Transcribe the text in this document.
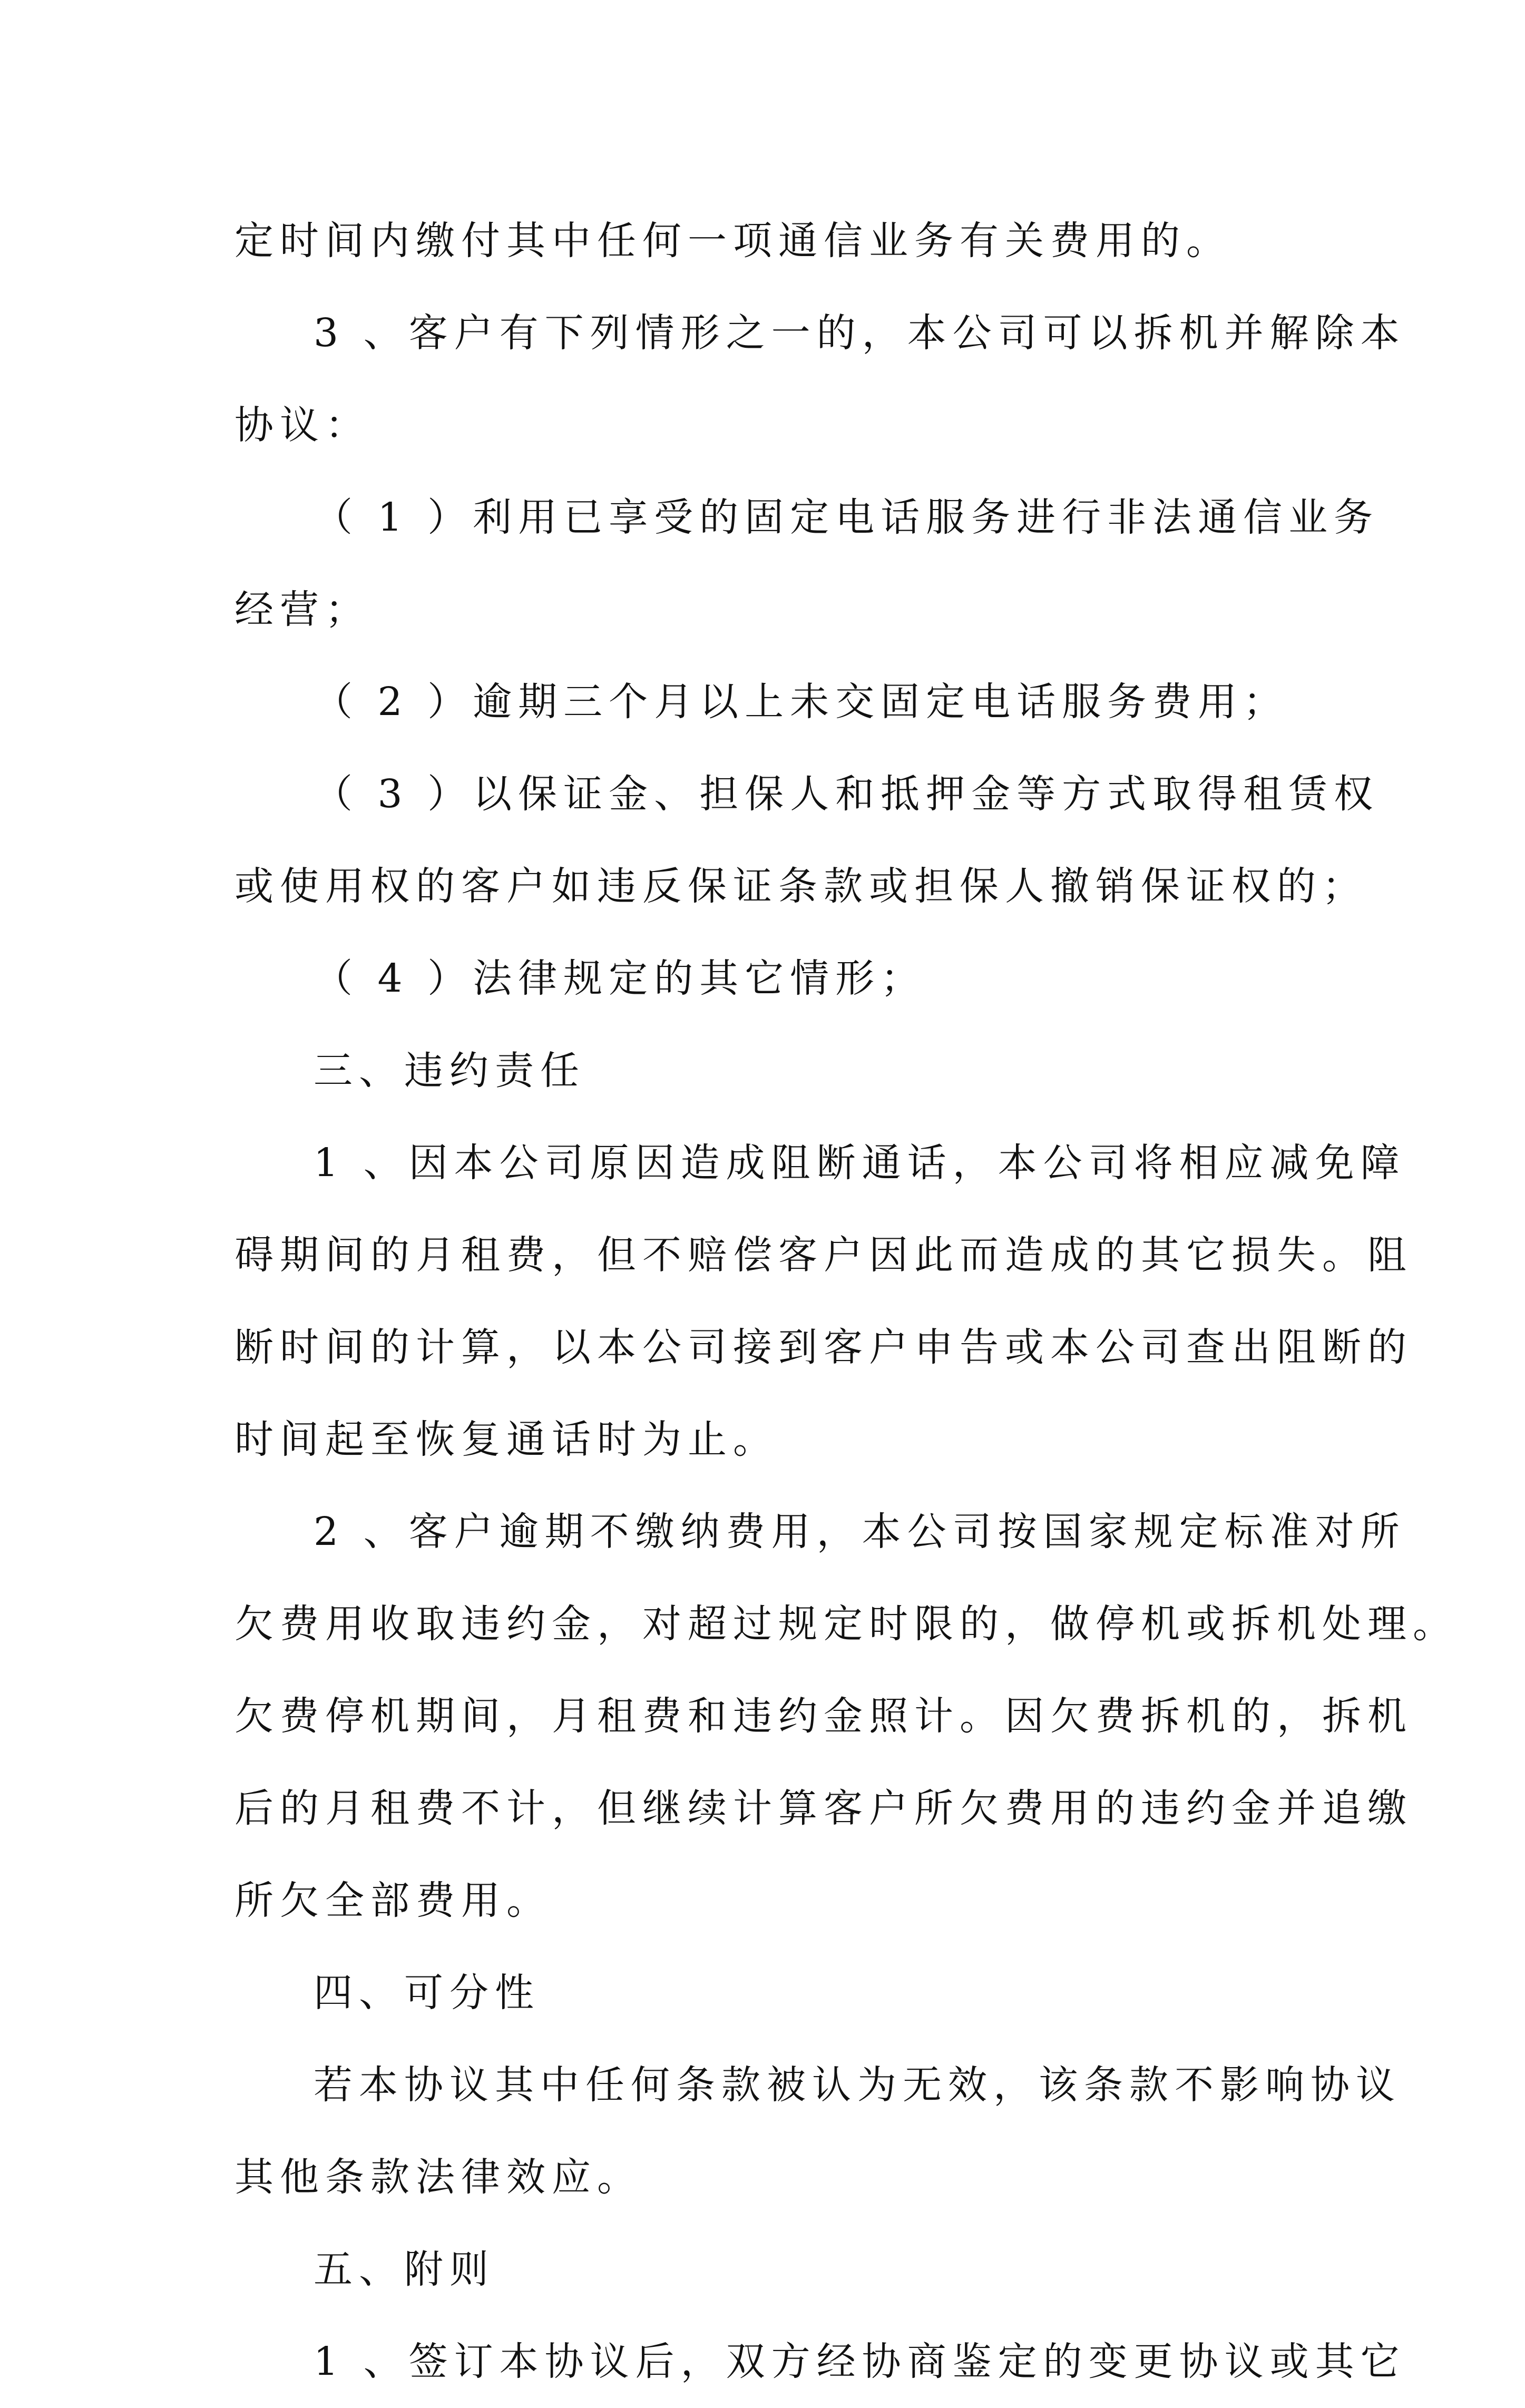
定时间内缴付其中任何一项通信业务有关费用的。
3 、客户有下列情形之一的，本公司可以拆机并解除本
协议：
（ 1 ）利用已享受的固定电话服务进行非法通信业务
经营；
（ 2 ）逾期三个月以上未交固定电话服务费用；
（ 3 ）以保证金、担保人和抵押金等方式取得租赁权
或使用权的客户如违反保证条款或担保人撤销保证权的；
（ 4 ）法律规定的其它情形；
三、违约责任
1 、因本公司原因造成阻断通话，本公司将相应减免障
碍期间的月租费，但不赔偿客户因此而造成的其它损失。阻
断时间的计算，以本公司接到客户申告或本公司查出阻断的
时间起至恢复通话时为止。
2 、客户逾期不缴纳费用，本公司按国家规定标准对所
欠费用收取违约金，对超过规定时限的，做停机或拆机处理。
欠费停机期间，月租费和违约金照计。因欠费拆机的，拆机
后的月租费不计，但继续计算客户所欠费用的违约金并追缴
所欠全部费用。
四、可分性
若本协议其中任何条款被认为无效，该条款不影响协议
其他条款法律效应。
五、附则
1 、签订本协议后，双方经协商鉴定的变更协议或其它
